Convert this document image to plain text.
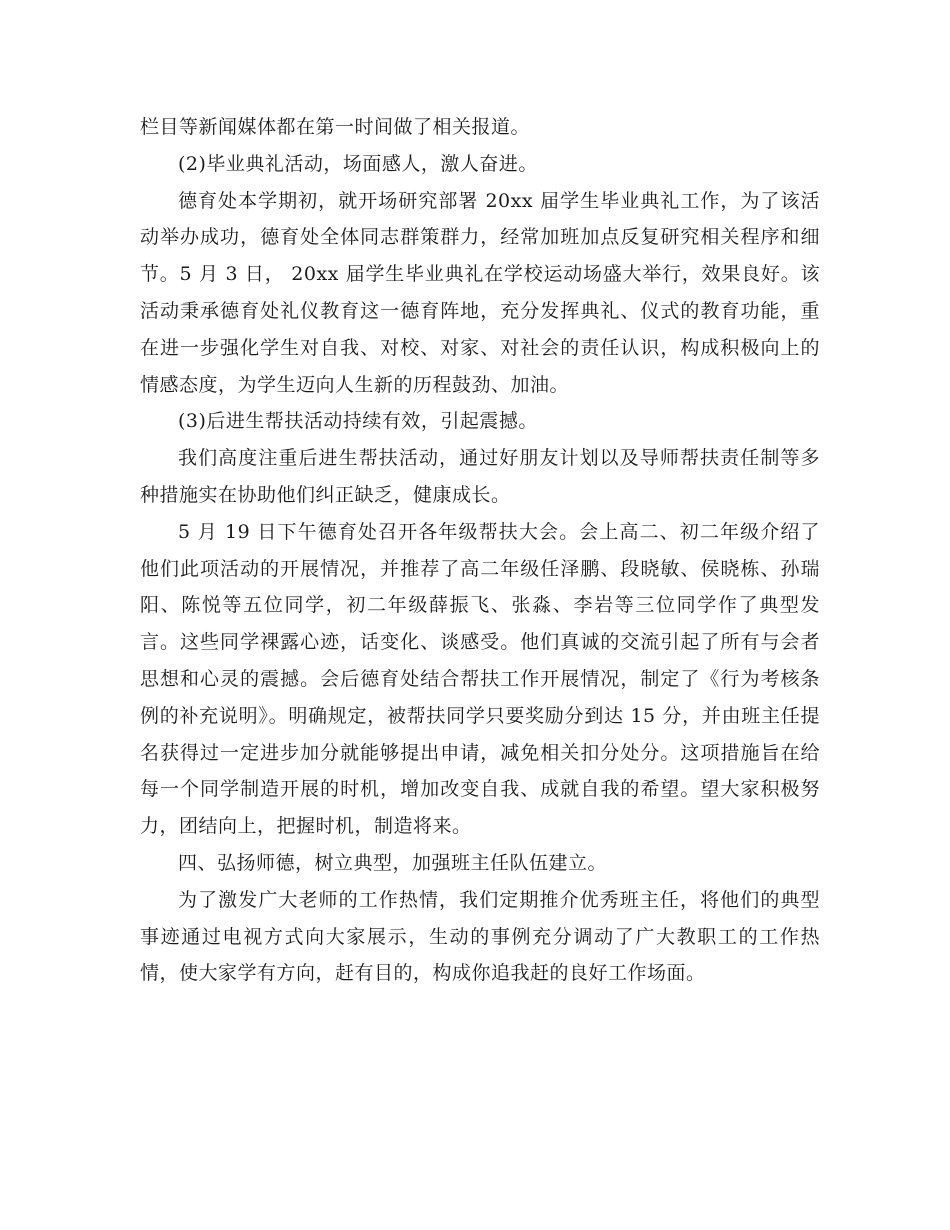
栏目等新闻媒体都在第一时间做了相关报道。

(2)毕业典礼活动，场面感人，激人奋进。

德育处本学期初，就开场研究部署 20xx 届学生毕业典礼工作，为了该活动举办成功，德育处全体同志群策群力，经常加班加点反复研究相关程序和细节。5 月 3 日， 20xx 届学生毕业典礼在学校运动场盛大举行，效果良好。该活动秉承德育处礼仪教育这一德育阵地，充分发挥典礼、仪式的教育功能，重在进一步强化学生对自我、对校、对家、对社会的责任认识，构成积极向上的情感态度，为学生迈向人生新的历程鼓劲、加油。

(3)后进生帮扶活动持续有效，引起震撼。

我们高度注重后进生帮扶活动，通过好朋友计划以及导师帮扶责任制等多种措施实在协助他们纠正缺乏，健康成长。

5 月 19 日下午德育处召开各年级帮扶大会。会上高二、初二年级介绍了他们此项活动的开展情况，并推荐了高二年级任泽鹏、段晓敏、侯晓栋、孙瑞阳、陈悦等五位同学，初二年级薛振飞、张淼、李岩等三位同学作了典型发言。这些同学裸露心迹，话变化、谈感受。他们真诚的交流引起了所有与会者思想和心灵的震撼。会后德育处结合帮扶工作开展情况，制定了《行为考核条例的补充说明》。明确规定，被帮扶同学只要奖励分到达 15 分，并由班主任提名获得过一定进步加分就能够提出申请，减免相关扣分处分。这项措施旨在给每一个同学制造开展的时机，增加改变自我、成就自我的希望。望大家积极努力，团结向上，把握时机，制造将来。

四、弘扬师德，树立典型，加强班主任队伍建立。

为了激发广大老师的工作热情，我们定期推介优秀班主任，将他们的典型事迹通过电视方式向大家展示，生动的事例充分调动了广大教职工的工作热情，使大家学有方向，赶有目的，构成你追我赶的良好工作场面。
